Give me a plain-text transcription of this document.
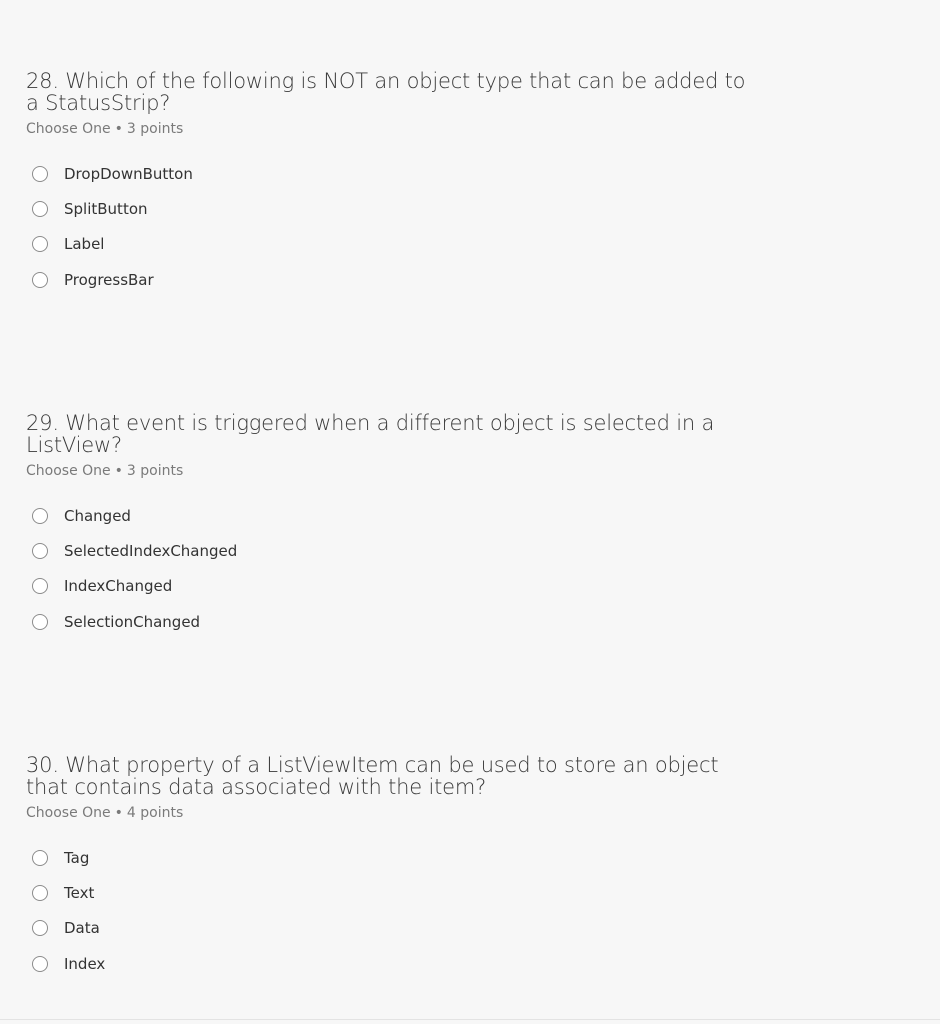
28. Which of the following is NOT an object type that can be added to a StatusStrip?
Choose One • 3 points
DropDownButton
SplitButton
Label
ProgressBar
29. What event is triggered when a different object is selected in a ListView?
Choose One • 3 points
Changed
SelectedIndexChanged
IndexChanged
SelectionChanged
30. What property of a ListViewItem can be used to store an object that contains data associated with the item?
Choose One • 4 points
Tag
Text
Data
Index
